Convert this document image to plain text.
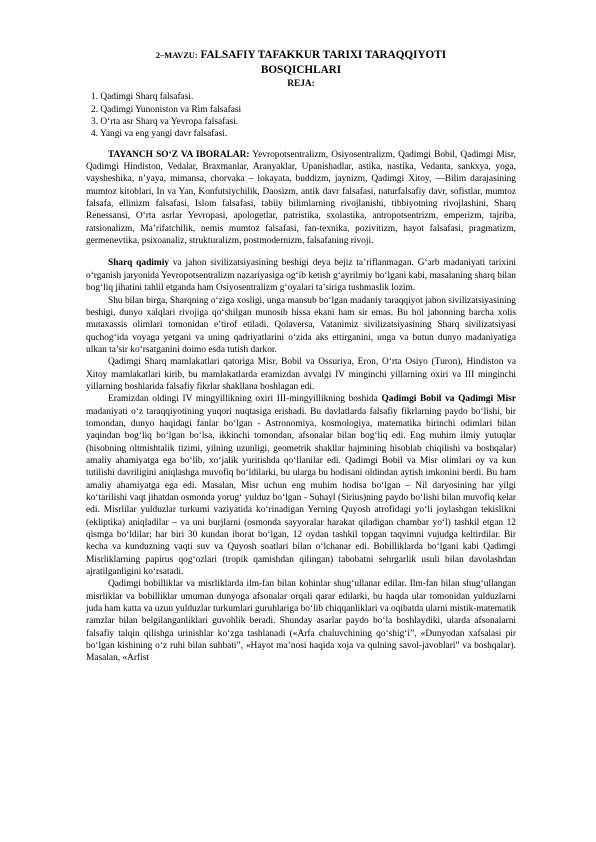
2–MAVZU: FALSAFIY TAFAKKUR TARIXI TARAQQIYOTI BOSQICHLARI
REJA:
1. Qadimgi Sharq falsafasi.
2. Qadimgi Yunoniston va Rim falsafasi
3. O‘rta asr Sharq va Yevropa falsafasi.
4. Yangi va eng yangi davr falsafasi.

TAYANCH SO‘Z VA IBORALAR: Yevropotsentralizm, Osiyosentralizm, Qadimgi Bobil, Qadimgi Misr, Qadimgi Hindiston, Vedalar, Braxmanlar, Aranyaklar, Upanishadlar, astika, nastika, Vedanta, sankxya, yoga, vaysheshika, n’yaya, mimansa, chorvaka – lokayata, buddizm, jaynizm, Qadimgi Xitoy, ―Bilim darajasining mumtoz kitoblari, In va Yan, Konfutsiychilik, Daosizm, antik davr falsafasi, naturfalsafiy davr, sofistlar, mumtoz falsafa, ellinizm falsafasi, Islom falsafasi, tabiiy bilimlarning rivojlanishi, tibbiyotning rivojlashini, Sharq Renessansi, O‘rta asrlar Yevropasi, apologetlar, patristika, sxolastika, antropotsentrizm, emperizm, tajriba, ratsionalizm, Ma’rifatchilik, nemis mumtoz falsafasi, fan-texnika, pozivitizm, hayot falsafasi, pragmatizm, germenevtika, psixoanaliz, strukturalizm, postmodernizm, falsafaning rivoji.

Sharq qadimiy va jahon sivilizatsiyasining beshigi deya bejiz ta’riflanmagan. G‘arb madaniyati tarixini o‘rganish jaryonida Yevropotsentralizm nazariyasiga og‘ib ketish g‘ayrilmiy bo‘lgani kabi, masalaning sharq bilan bog‘liq jihatini tahlil etganda ham Osiyosentralizm g‘oyalari ta’siriga tushmaslik lozim.

Shu bilan birga, Sharqning o‘ziga xosligi, unga mansub bo‘lgan madaniy taraqqiyot jahon sivilizatsiyasining beshigi, dunyo xalqlari rivojiga qo‘shilgan munosib hissa ekani ham sir emas. Bu hol jahonning barcha xolis mutaxassis olimlari tomonidan e’tirof etiladi. Qolaversa, Vatanimiz sivilizatsiyasining Sharq sivilizatsiyasi quchog‘ida voyaga yetgani va uning qadriyatlarini o‘zida aks ettirganini, unga va butun dunyo madaniyatiga ulkan ta’sir ko‘rsatganini doimo esda tutish darkor.

Qadimgi Sharq mamlakatlari qatoriga Misr, Bobil va Ossuriya, Eron, O‘rta Osiyo (Turon), Hindiston va Xitoy mamlakatlari kirib, bu mamlakatlarda eramizdan avvalgi IV minginchi yillarning oxiri va III minginchi yillarning boshlarida falsafiy fikrlar shakllana boshlagan edi.

Eramizdan oldingi IV mingyillikning oxiri III-mingyillikning boshida Qadimgi Bobil va Qadimgi Misr madaniyati o‘z taraqqiyotining yuqori nuqtasiga erishadi. Bu davlatlarda falsafiy fikrlarning paydo bo‘lishi, bir tomondan, dunyo haqidagi fanlar bo‘lgan - Astronomiya, kosmologiya, matematika birinchi odimlari bilan yaqindan bog‘liq bo‘lgan bo‘lsa, ikkinchi tomondan, afsonalar bilan bog‘liq edi. Eng muhim ilmiy yutuqlar (hisobning oltmishtalik tizimi, yilning uzunligi, geometrik shakllar hajmining hisoblab chiqilishi va boshqalar) amaliy ahamiyatga ega bo‘lib, xo‘jalik yuritishda qo‘llanilar edi. Qadimgi Bobil va Misr olimlari oy va kun tutilishi davriligini aniqlashga muvofiq bo‘ldilarki, bu ularga bu hodisani oldindan aytish imkonini berdi. Bu ham amaliy ahamiyatga ega edi. Masalan, Misr uchun eng muhim hodisa bo‘lgan – Nil daryosining har yilgi ko‘tarilishi vaqt jihatdan osmonda yorug‘ yulduz bo‘lgan - Suhayl (Sirius)ning paydo bo‘lishi bilan muvofiq kelar edi. Misrlilar yulduzlar turkumi vaziyatida ko‘rinadigan Yerning Quyosh atrofidagi yo‘li joylashgan tekislikni (ekliptika) aniqladilar – va uni burjlarni (osmonda sayyoralar harakat qiladigan chambar yo‘l) tashkil etgan 12 qismga bo‘ldilar; har biri 30 kundan iborat bo‘lgan, 12 oydan tashkil topgan taqvimni vujudga keltirdilar. Bir kecha va kunduzning vaqti suv va Quyosh soatlari bilan o‘lchanar edi. Bobilliklarda bo‘lgani kabi Qadimgi Misrliklarning papirus qog‘ozlari (tropik qamishdan qilingan) tabobatni sehrgarlik usuli bilan davolashdan ajratilganligini ko‘rsatadi.

Qadimgi bobilliklar va misrliklarda ilm-fan bilan kohinlar shug‘ullanar edilar. Ilm-fan bilan shug‘ullangan misrliklar va bobilliklar umuman dunyoga afsonalar orqali qarar edilarki, bu haqda ular tomonidan yulduzlarni juda ham katta va uzun yulduzlar turkumlari guruhlariga bo‘lib chiqqanliklari va oqibatda ularni mistik-matematik ramzlar bilan belgilanganliklari guvohlik beradi. Shunday asarlar paydo bo‘la boshlaydiki, ularda afsonalarni falsafiy talqin qilishga urinishlar ko‘zga tashlanadi («Arfa chaluvchining qo‘shig‘i”, «Dunyodan xafsalasi pir bo‘lgan kishining o‘z ruhi bilan suhbati”, «Hayot ma’nosi haqida xoja va qulning savol-javoblari” va boshqalar). Masalan, «Arfist
